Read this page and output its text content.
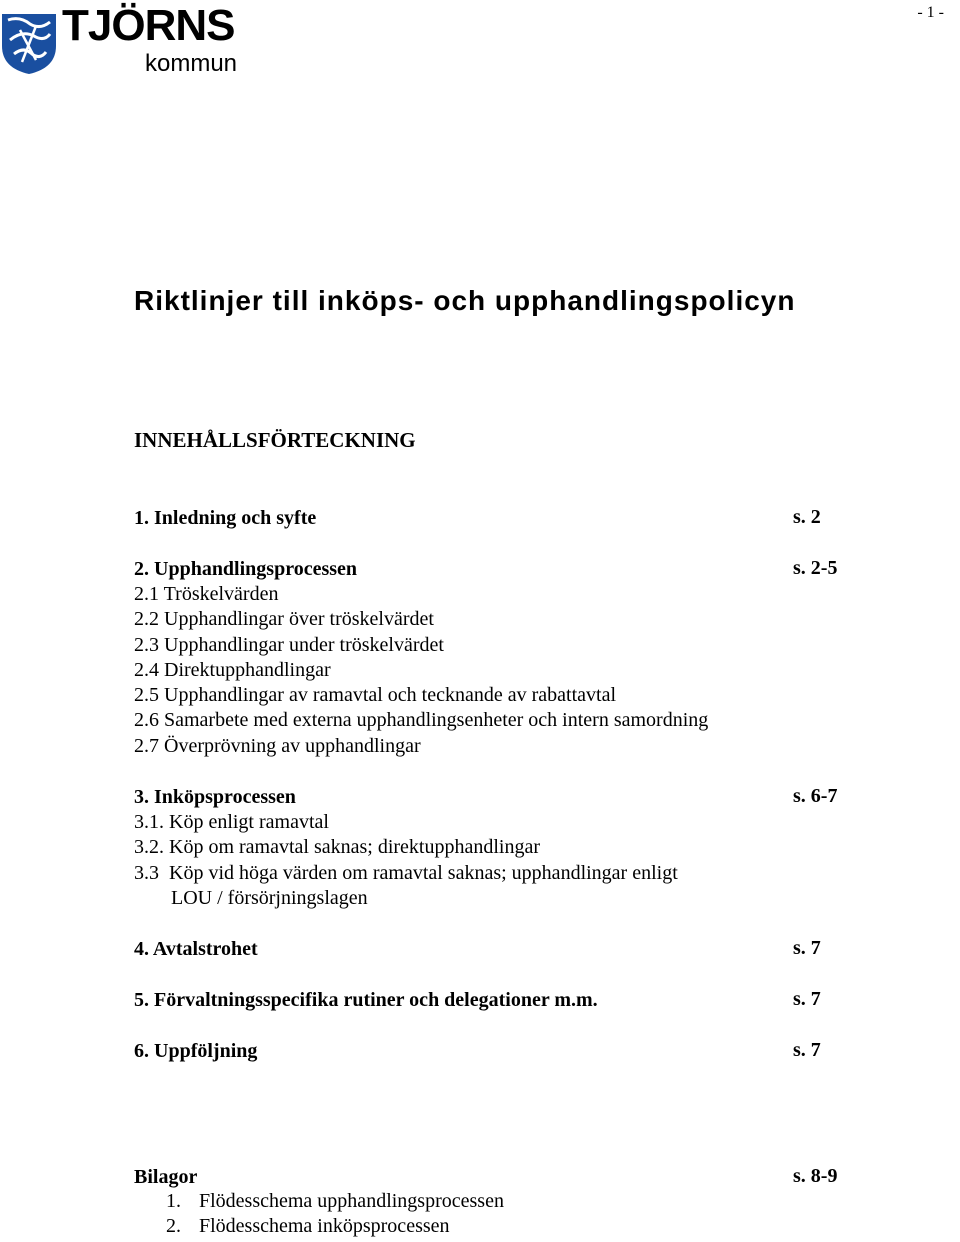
- 1 -
TJÖRNS
kommun
Riktlinjer till inköps- och upphandlingspolicyn
INNEHÅLLSFÖRTECKNING
1. Inledning och syfte	s. 2
2. Upphandlingsprocessen	s. 2-5
2.1 Tröskelvärden
2.2 Upphandlingar över tröskelvärdet
2.3 Upphandlingar under tröskelvärdet
2.4 Direktupphandlingar
2.5 Upphandlingar av ramavtal och tecknande av rabattavtal
2.6 Samarbete med externa upphandlingsenheter och intern samordning
2.7 Överprövning av upphandlingar
3. Inköpsprocessen	s. 6-7
3.1. Köp enligt ramavtal
3.2. Köp om ramavtal saknas; direktupphandlingar
3.3  Köp vid höga värden om ramavtal saknas; upphandlingar enligt
LOU / försörjningslagen
4. Avtalstrohet	s. 7
5. Förvaltningsspecifika rutiner och delegationer m.m.	s. 7
6. Uppföljning	s. 7
Bilagor	s. 8-9
1. Flödesschema upphandlingsprocessen
2. Flödesschema inköpsprocessen
